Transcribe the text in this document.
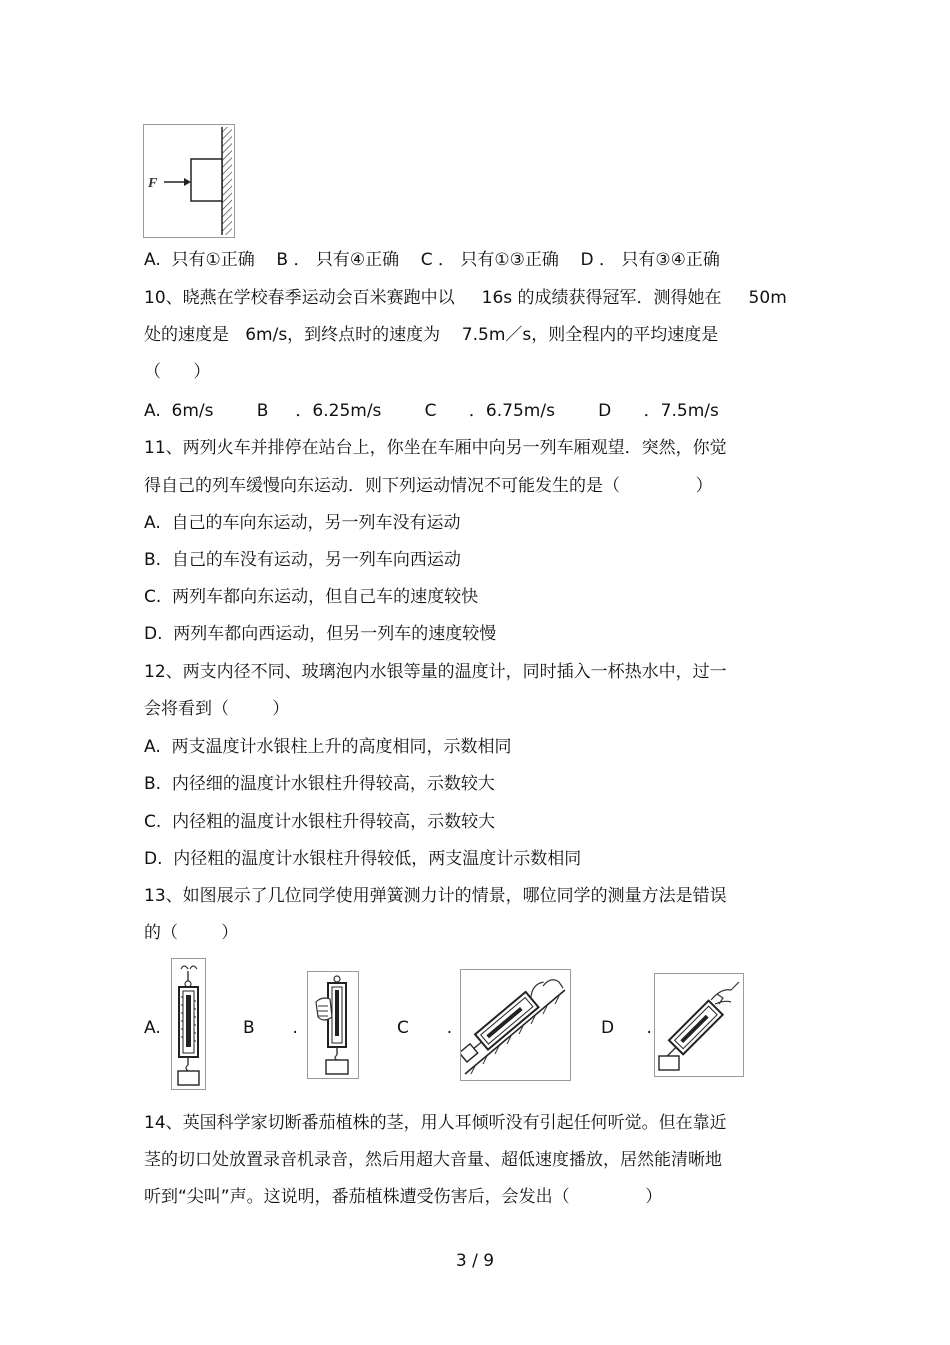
F
A.  只有①正确    B ． 只有④正确    C ． 只有①③正确    D ． 只有③④正确
10、晓燕在学校春季运动会百米赛跑中以     16s 的成绩获得冠军．测得她在     50m
处的速度是   6m/s，到终点时的速度为    7.5m／s，则全程内的平均速度是
（      ）
A.  6m/s        B     ．6.25m/s        C      ．6.75m/s        D      ．7.5m/s
11、两列火车并排停在站台上，你坐在车厢中向另一列车厢观望．突然，你觉
得自己的列车缓慢向东运动．则下列运动情况不可能发生的是（              ）
A.  自己的车向东运动，另一列车没有运动
B.  自己的车没有运动，另一列车向西运动
C.  两列车都向东运动，但自己车的速度较快
D.  两列车都向西运动，但另一列车的速度较慢
12、两支内径不同、玻璃泡内水银等量的温度计，同时插入一杯热水中，过一
会将看到（        ）
A.  两支温度计水银柱上升的高度相同，示数相同
B.  内径细的温度计水银柱升得较高，示数较大
C.  内径粗的温度计水银柱升得较高，示数较大
D.  内径粗的温度计水银柱升得较低，两支温度计示数相同
13、如图展示了几位同学使用弹簧测力计的情景，哪位同学的测量方法是错误
的（        ）
A.	B       .	C       .	D      .
14、英国科学家切断番茄植株的茎，用人耳倾听没有引起任何听觉。但在靠近
茎的切口处放置录音机录音，然后用超大音量、超低速度播放，居然能清晰地
听到“尖叫”声。这说明，番茄植株遭受伤害后，会发出（              ）
3 / 9
